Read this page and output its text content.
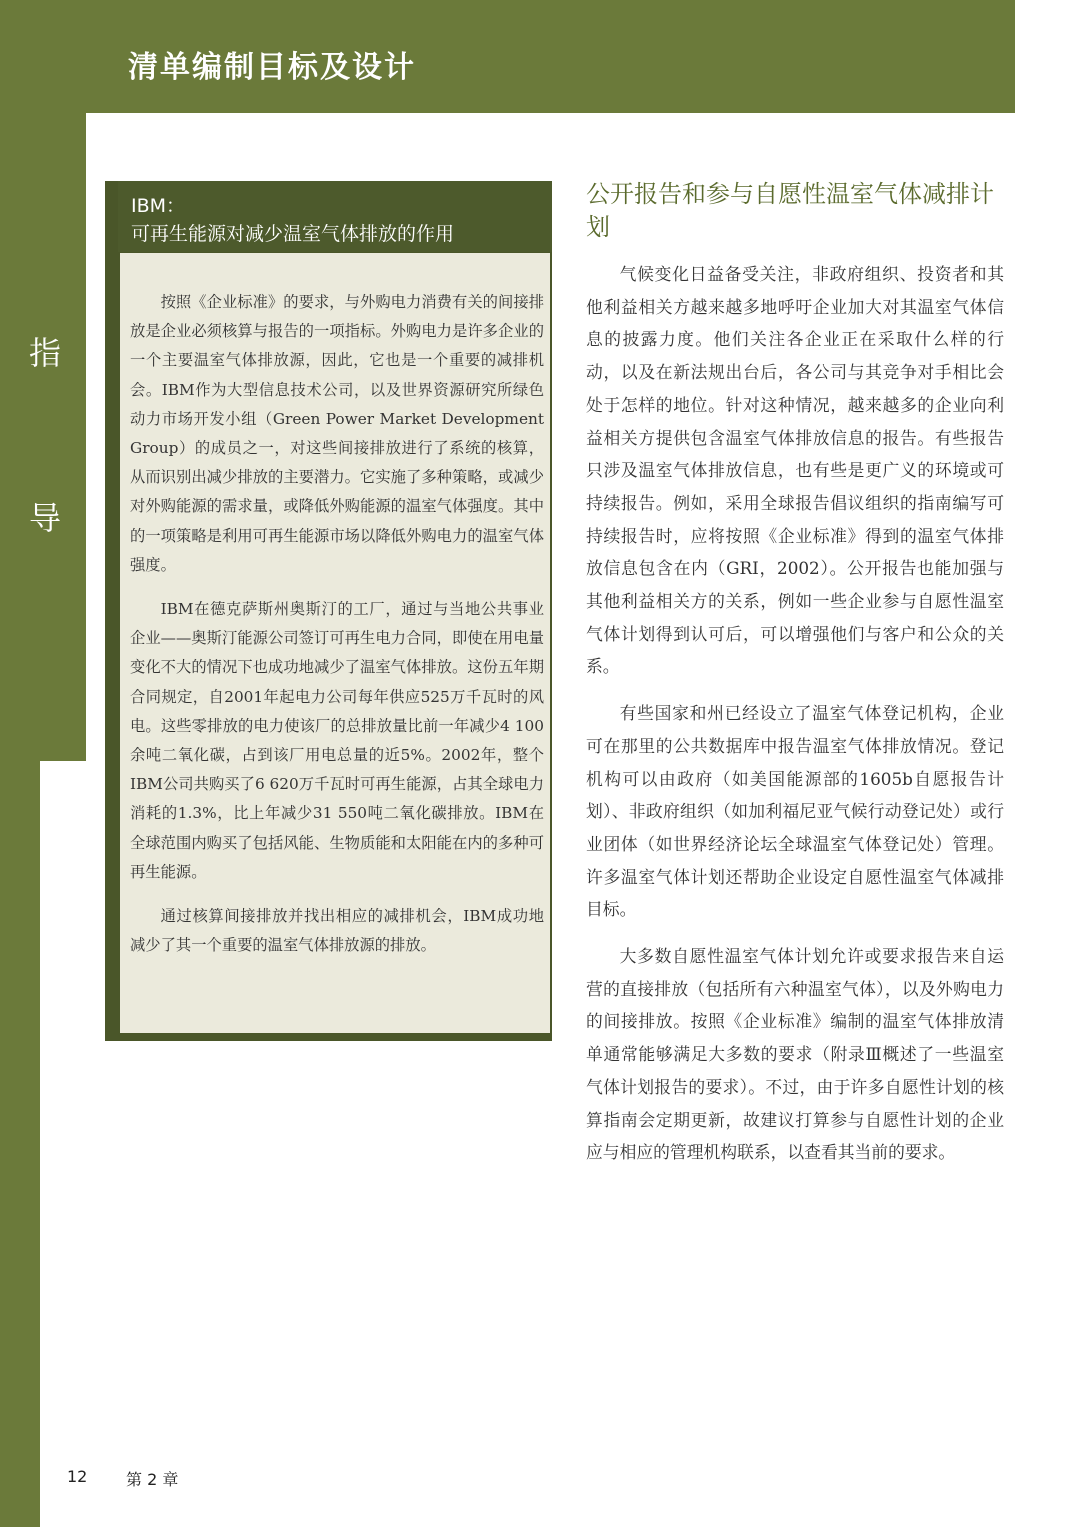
清单编制目标及设计
指
导
IBM：
可再生能源对减少温室气体排放的作用

按照《企业标准》的要求，与外购电力消费有关的间接排放是企业必须核算与报告的一项指标。外购电力是许多企业的一个主要温室气体排放源，因此，它也是一个重要的减排机会。IBM作为大型信息技术公司，以及世界资源研究所绿色动力市场开发小组（Green Power Market Development Group）的成员之一，对这些间接排放进行了系统的核算，从而识别出减少排放的主要潜力。它实施了多种策略，或减少对外购能源的需求量，或降低外购能源的温室气体强度。其中的一项策略是利用可再生能源市场以降低外购电力的温室气体强度。

IBM在德克萨斯州奥斯汀的工厂，通过与当地公共事业企业——奥斯汀能源公司签订可再生电力合同，即使在用电量变化不大的情况下也成功地减少了温室气体排放。这份五年期合同规定，自2001年起电力公司每年供应525万千瓦时的风电。这些零排放的电力使该厂的总排放量比前一年减少4 100余吨二氧化碳，占到该厂用电总量的近5%。2002年，整个IBM公司共购买了6 620万千瓦时可再生能源，占其全球电力消耗的1.3%，比上年减少31 550吨二氧化碳排放。IBM在全球范围内购买了包括风能、生物质能和太阳能在内的多种可再生能源。

通过核算间接排放并找出相应的减排机会，IBM成功地减少了其一个重要的温室气体排放源的排放。

公开报告和参与自愿性温室气体减排计划

气候变化日益备受关注，非政府组织、投资者和其他利益相关方越来越多地呼吁企业加大对其温室气体信息的披露力度。他们关注各企业正在采取什么样的行动，以及在新法规出台后，各公司与其竞争对手相比会处于怎样的地位。针对这种情况，越来越多的企业向利益相关方提供包含温室气体排放信息的报告。有些报告只涉及温室气体排放信息，也有些是更广义的环境或可持续报告。例如，采用全球报告倡议组织的指南编写可持续报告时，应将按照《企业标准》得到的温室气体排放信息包含在内（GRI，2002）。公开报告也能加强与其他利益相关方的关系，例如一些企业参与自愿性温室气体计划得到认可后，可以增强他们与客户和公众的关系。

有些国家和州已经设立了温室气体登记机构，企业可在那里的公共数据库中报告温室气体排放情况。登记机构可以由政府（如美国能源部的1605b自愿报告计划）、非政府组织（如加利福尼亚气候行动登记处）或行业团体（如世界经济论坛全球温室气体登记处）管理。许多温室气体计划还帮助企业设定自愿性温室气体减排目标。

大多数自愿性温室气体计划允许或要求报告来自运营的直接排放（包括所有六种温室气体），以及外购电力的间接排放。按照《企业标准》编制的温室气体排放清单通常能够满足大多数的要求（附录Ⅲ概述了一些温室气体计划报告的要求）。不过，由于许多自愿性计划的核算指南会定期更新，故建议打算参与自愿性计划的企业应与相应的管理机构联系，以查看其当前的要求。

12 第 2 章
